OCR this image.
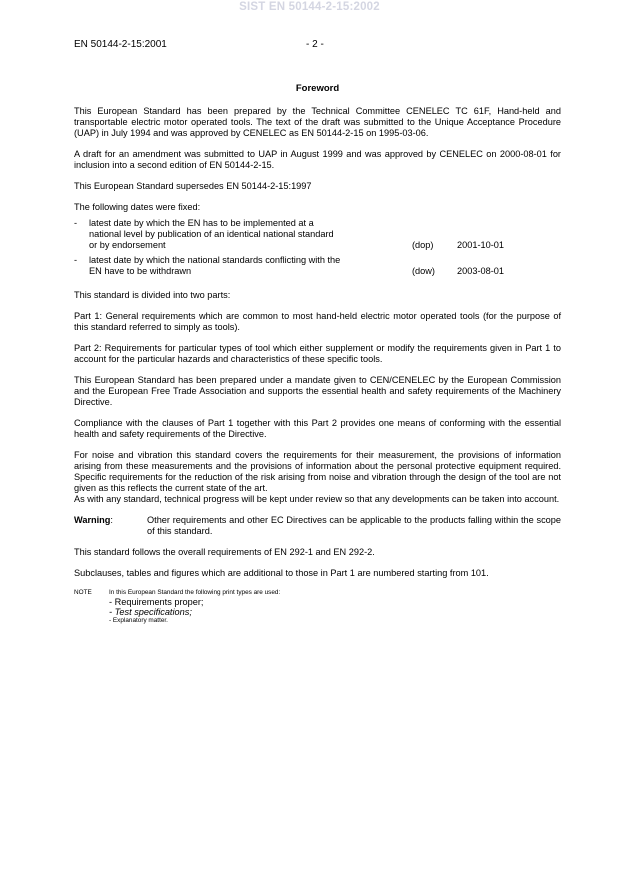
SIST EN 50144-2-15:2002
EN 50144-2-15:2001	- 2 -
Foreword
This European Standard has been prepared by the Technical Committee CENELEC TC 61F, Hand-held and transportable electric motor operated tools. The text of the draft was submitted to the Unique Acceptance Procedure (UAP) in July 1994 and was approved by CENELEC as EN 50144-2-15 on 1995-03-06.
A draft for an amendment was submitted to UAP in August 1999 and was approved by CENELEC on 2000-08-01 for inclusion into a second edition of EN 50144-2-15.
This European Standard supersedes EN 50144-2-15:1997
The following dates were fixed:
- latest date by which the EN has to be implemented at a national level by publication of an identical national standard or by endorsement	(dop)	2001-10-01
- latest date by which the national standards conflicting with the EN have to be withdrawn	(dow) 2003-08-01
This standard is divided into two parts:
Part 1: General requirements which are common to most hand-held electric motor operated tools (for the purpose of this standard referred to simply as tools).
Part 2: Requirements for particular types of tool which either supplement or modify the requirements given in Part 1 to account for the particular hazards and characteristics of these specific tools.
This European Standard has been prepared under a mandate given to CEN/CENELEC by the European Commission and the European Free Trade Association and supports the essential health and safety requirements of the Machinery Directive.
Compliance with the clauses of Part 1 together with this Part 2 provides one means of conforming with the essential health and safety requirements of the Directive.
For noise and vibration this standard covers the requirements for their measurement, the provisions of information arising from these measurements and the provisions of information about the personal protective equipment required. Specific requirements for the reduction of the risk arising from noise and vibration through the design of the tool are not given as this reflects the current state of the art.
As with any standard, technical progress will be kept under review so that any developments can be taken into account.
Warning:	Other requirements and other EC Directives can be applicable to the products falling within the scope of this standard.
This standard follows the overall requirements of EN 292-1 and EN 292-2.
Subclauses, tables and figures which are additional to those in Part 1 are numbered starting from 101.
NOTE	In this European Standard the following print types are used:
- Requirements proper;
- Test specifications;
- Explanatory matter.
